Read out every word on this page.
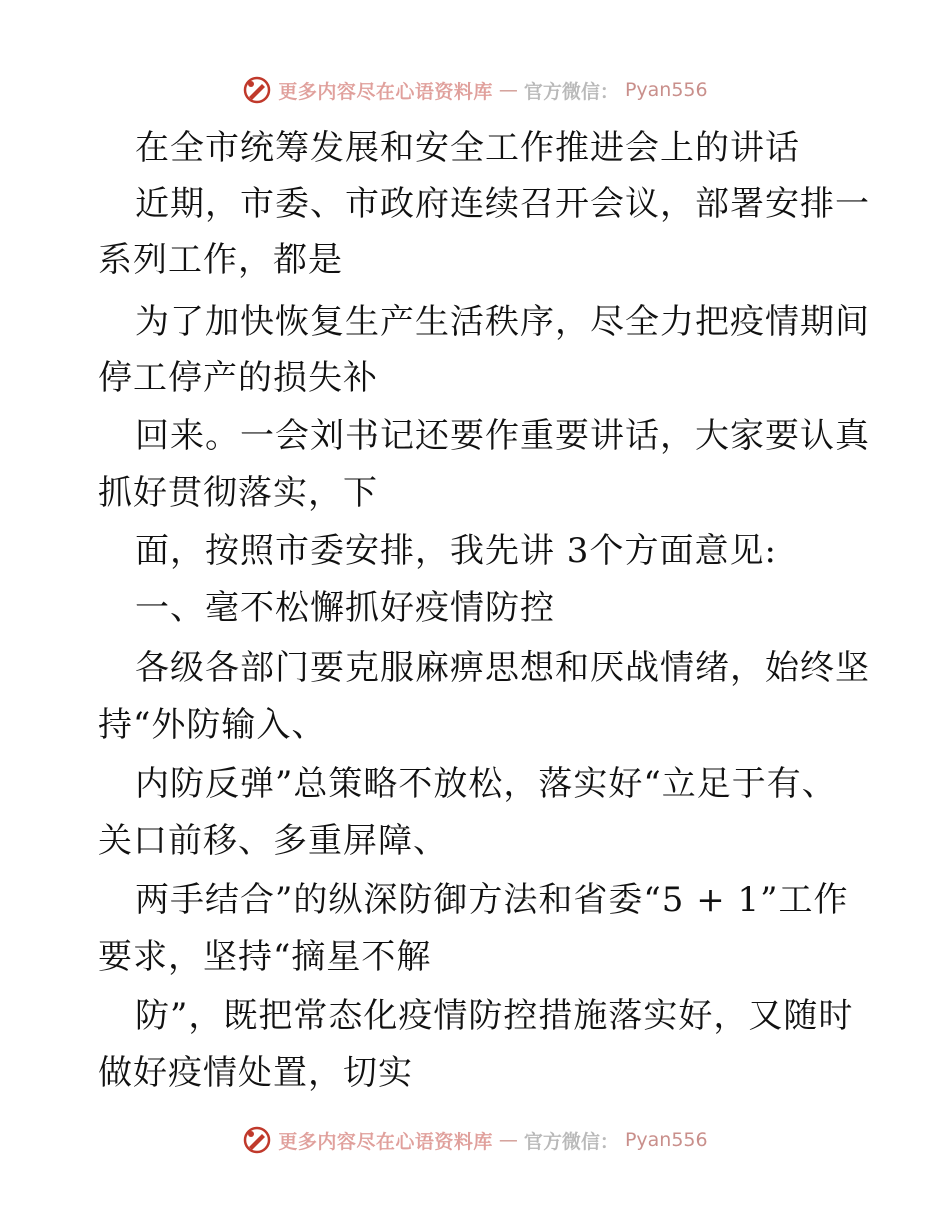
更多内容尽在心语资料库 — 官方微信： Pyan556
在全市统筹发展和安全工作推进会上的讲话
近期，市委、市政府连续召开会议，部署安排一
系列工作，都是
为了加快恢复生产生活秩序，尽全力把疫情期间
停工停产的损失补
回来。一会刘书记还要作重要讲话，大家要认真
抓好贯彻落实，下
面，按照市委安排，我先讲 3个方面意见:
一、毫不松懈抓好疫情防控
各级各部门要克服麻痹思想和厌战情绪，始终坚
持“外防输入、
内防反弹”总策略不放松，落实好“立足于有、
关口前移、多重屏障、
两手结合”的纵深防御方法和省委“5 + 1”工作
要求，坚持“摘星不解
防”，既把常态化疫情防控措施落实好，又随时
做好疫情处置，切实
更多内容尽在心语资料库 — 官方微信： Pyan556
